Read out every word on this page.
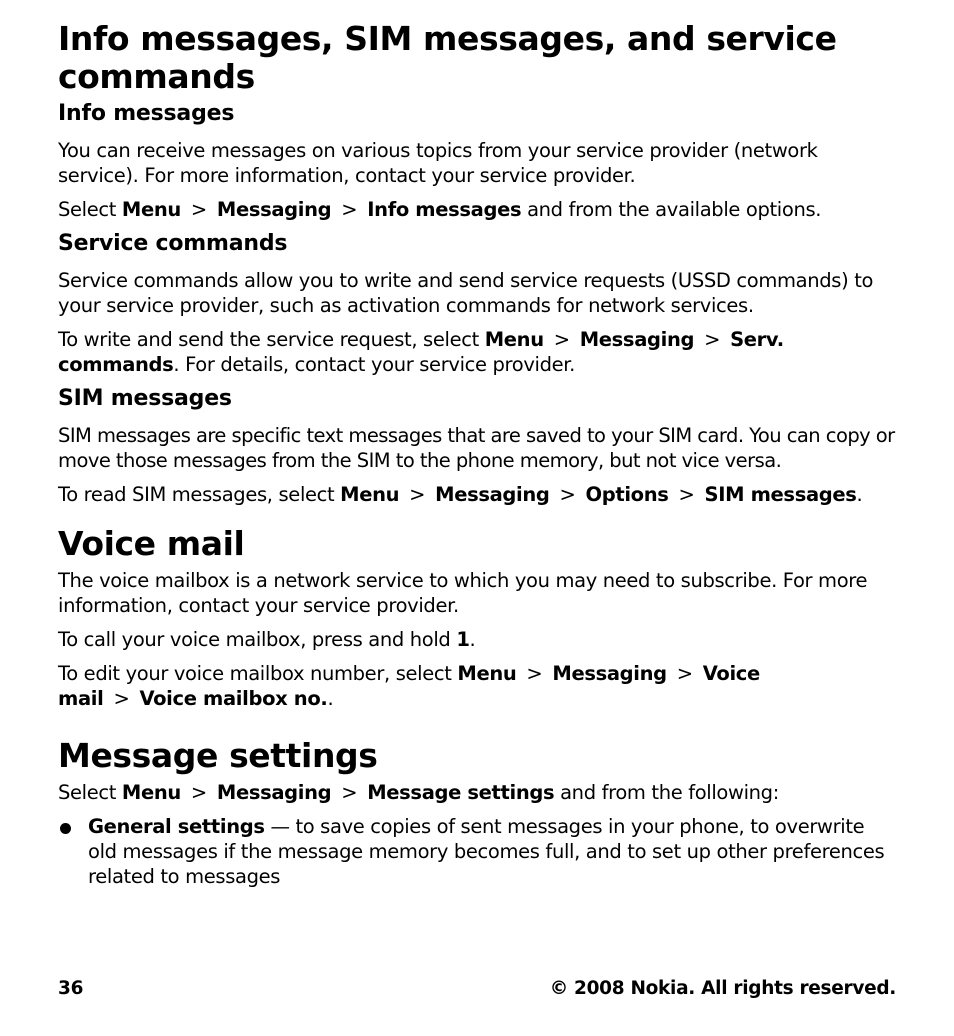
Info messages, SIM messages, and service commands
Info messages

You can receive messages on various topics from your service provider (network service). For more information, contact your service provider.

Select Menu > Messaging > Info messages and from the available options.

Service commands

Service commands allow you to write and send service requests (USSD commands) to your service provider, such as activation commands for network services.

To write and send the service request, select Menu > Messaging > Serv. commands. For details, contact your service provider.

SIM messages

SIM messages are specific text messages that are saved to your SIM card. You can copy or move those messages from the SIM to the phone memory, but not vice versa.

To read SIM messages, select Menu > Messaging > Options > SIM messages.

Voice mail

The voice mailbox is a network service to which you may need to subscribe. For more information, contact your service provider.

To call your voice mailbox, press and hold 1.

To edit your voice mailbox number, select Menu > Messaging > Voice mail > Voice mailbox no..

Message settings

Select Menu > Messaging > Message settings and from the following:

General settings — to save copies of sent messages in your phone, to overwrite old messages if the message memory becomes full, and to set up other preferences related to messages
36	© 2008 Nokia. All rights reserved.
